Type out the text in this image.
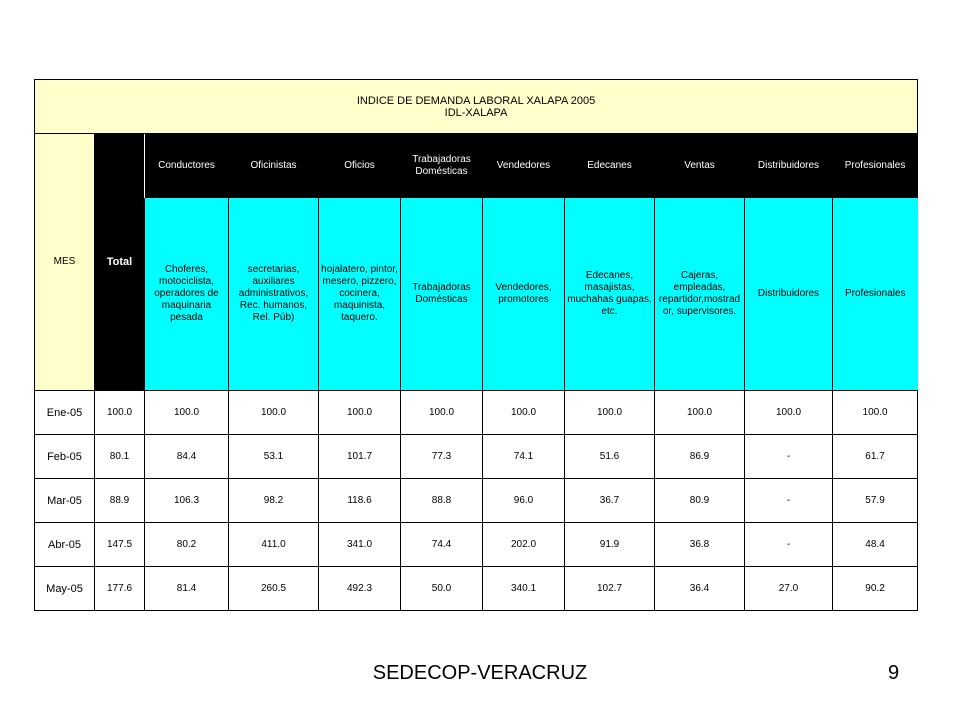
INDICE DE DEMANDA LABORAL XALAPA 2005
IDL-XALAPA										

MES	Total	Conductores	Oficinistas	Oficios	Trabajadoras Domésticas	Vendedores	Edecanes	Ventas	Distribuidores	Profesionales
		Choferes, motociclista, operadores de maquinaria pesada	secretarias, auxiliares administrativos, Rec. humanos, Rel. Púb)	hojalatero, pintor, mesero, pizzero, cocinera, maquinista, taquero.	Trabajadoras Domésticas	Vendedores, promotores	Edecanes, masajistas, muchahas guapas, etc.	Cajeras, empleadas, repartidor,mostrador, supervisores.	Distribuidores	Profesionales
Ene-05	100.0	100.0	100.0	100.0	100.0	100.0	100.0	100.0	100.0	100.0
Feb-05	80.1	84.4	53.1	101.7	77.3	74.1	51.6	86.9	-	61.7
Mar-05	88.9	106.3	98.2	118.6	88.8	96.0	36.7	80.9	-	57.9
Abr-05	147.5	80.2	411.0	341.0	74.4	202.0	91.9	36.8	-	48.4
May-05	177.6	81.4	260.5	492.3	50.0	340.1	102.7	36.4	27.0	90.2
SEDECOP-VERACRUZ	9
